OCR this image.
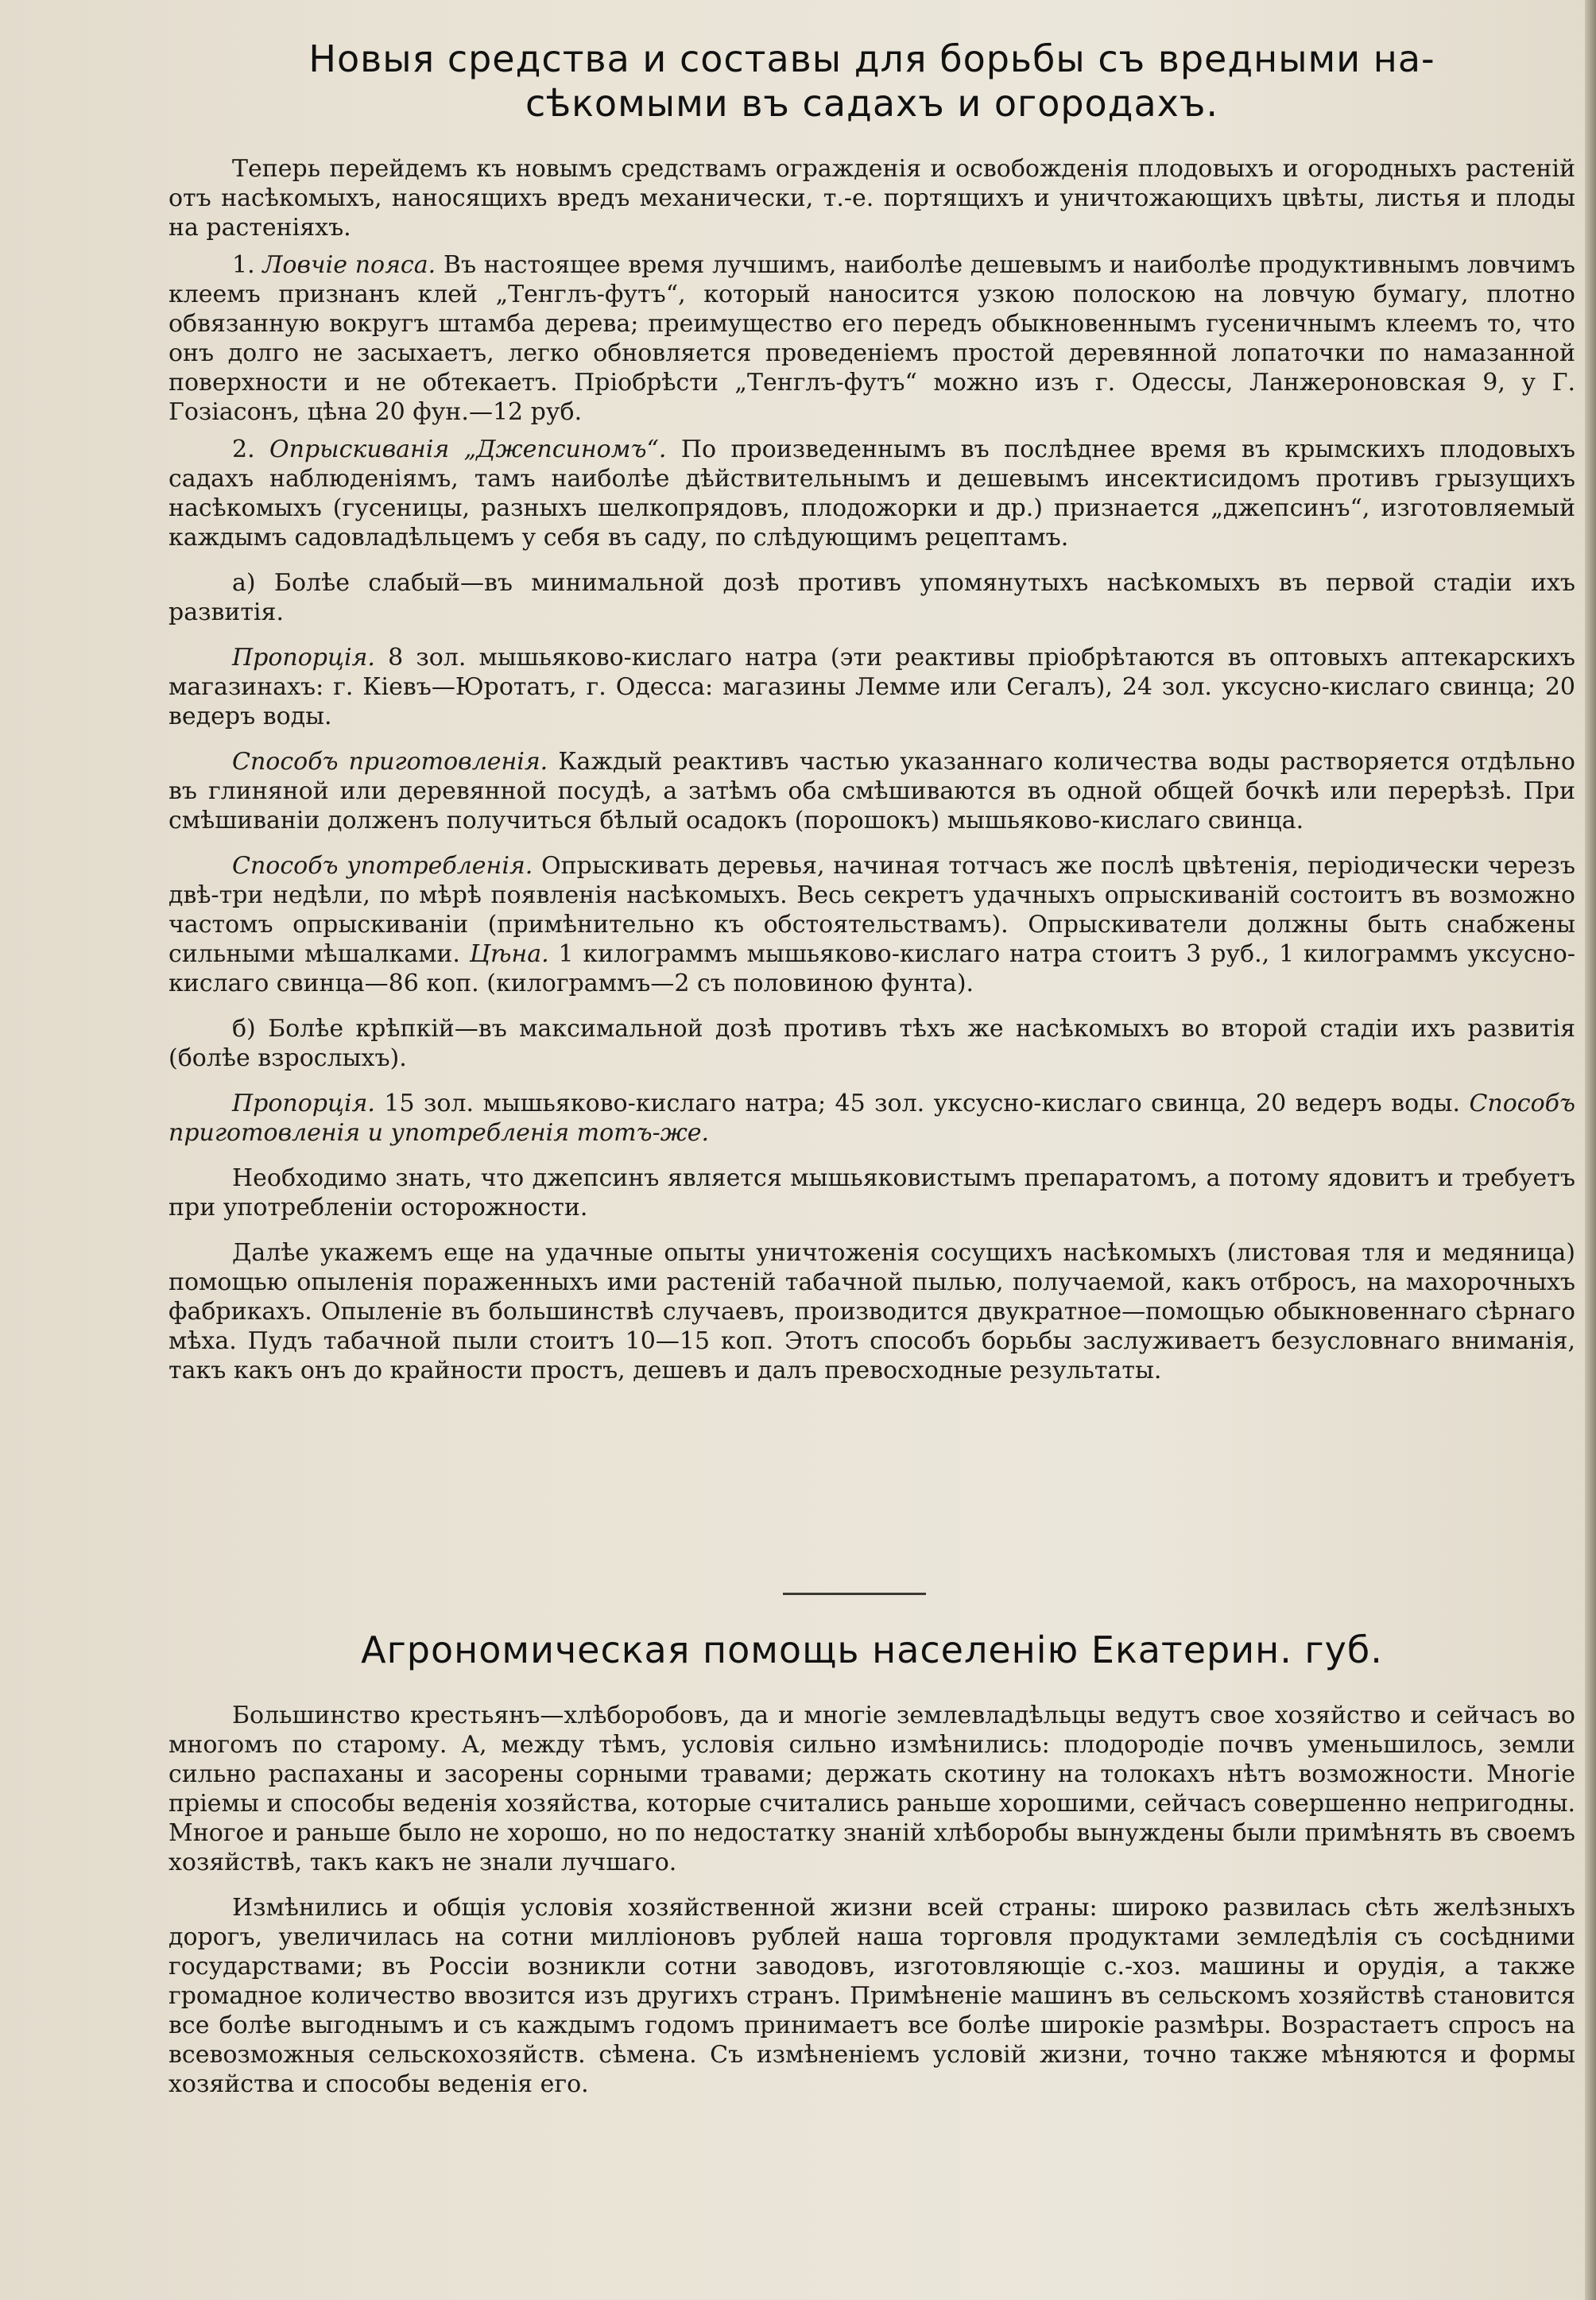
Новыя средства и составы для борьбы съ вредными на-
сѣкомыми въ садахъ и огородахъ.

Теперь перейдемъ къ новымъ средствамъ огражденія и освобожденія плодовыхъ и огородныхъ растеній отъ насѣкомыхъ, наносящихъ вредъ механически, т.-е. портящихъ и уничтожающихъ цвѣты, листья и плоды на растеніяхъ.

1. Ловчіе пояса. Въ настоящее время лучшимъ, наиболѣе дешевымъ и наиболѣе продуктивнымъ ловчимъ клеемъ признанъ клей „Тенглъ-футъ“, который наносится узкою полоскою на ловчую бумагу, плотно обвязанную вокругъ штамба дерева; преимущество его передъ обыкновеннымъ гусеничнымъ клеемъ то, что онъ долго не засыхаетъ, легко обновляется проведеніемъ простой деревянной лопаточки по намазанной поверхности и не обтекаетъ. Пріобрѣсти „Тенглъ-футъ“ можно изъ г. Одессы, Ланжероновская 9, у Г. Гозіасонъ, цѣна 20 фун.—12 руб.

2. Опрыскиванія „Джепсиномъ“. По произведеннымъ въ послѣднее время въ крымскихъ плодовыхъ садахъ наблюденіямъ, тамъ наиболѣе дѣйствительнымъ и дешевымъ инсектисидомъ противъ грызущихъ насѣкомыхъ (гусеницы, разныхъ шелкопрядовъ, плодожорки и др.) признается „джепсинъ“, изготовляемый каждымъ садовладѣльцемъ у себя въ саду, по слѣдующимъ рецептамъ.

а) Болѣе слабый—въ минимальной дозѣ противъ упомянутыхъ насѣкомыхъ въ первой стадіи ихъ развитія.

Пропорція. 8 зол. мышьяково-кислаго натра (эти реактивы пріобрѣтаются въ оптовыхъ аптекарскихъ магазинахъ: г. Кіевъ—Юротатъ, г. Одесса: магазины Лемме или Сегалъ), 24 зол. уксусно-кислаго свинца; 20 ведеръ воды.

Способъ приготовленія. Каждый реактивъ частью указаннаго количества воды растворяется отдѣльно въ глиняной или деревянной посудѣ, а затѣмъ оба смѣшиваются въ одной общей бочкѣ или перерѣзѣ. При смѣшиваніи долженъ получиться бѣлый осадокъ (порошокъ) мышьяково-кислаго свинца.

Способъ употребленія. Опрыскивать деревья, начиная тотчасъ же послѣ цвѣтенія, періодически черезъ двѣ-три недѣли, по мѣрѣ появленія насѣкомыхъ. Весь секретъ удачныхъ опрыскиваній состоитъ въ возможно частомъ опрыскиваніи (примѣнительно къ обстоятельствамъ). Опрыскиватели должны быть снабжены сильными мѣшалками. Цѣна. 1 килограммъ мышьяково-кислаго натра стоитъ 3 руб., 1 килограммъ уксусно-кислаго свинца—86 коп. (килограммъ—2 съ половиною фунта).

б) Болѣе крѣпкій—въ максимальной дозѣ противъ тѣхъ же насѣкомыхъ во второй стадіи ихъ развитія (болѣе взрослыхъ).

Пропорція. 15 зол. мышьяково-кислаго натра; 45 зол. уксусно-кислаго свинца, 20 ведеръ воды. Способъ приготовленія и употребленія тотъ-же.

Необходимо знать, что джепсинъ является мышьяковистымъ препаратомъ, а потому ядовитъ и требуетъ при употребленіи осторожности.

Далѣе укажемъ еще на удачные опыты уничтоженія сосущихъ насѣкомыхъ (листовая тля и медяница) помощью опыленія пораженныхъ ими растеній табачной пылью, получаемой, какъ отбросъ, на махорочныхъ фабрикахъ. Опыленіе въ большинствѣ случаевъ, производится двукратное—помощью обыкновеннаго сѣрнаго мѣха. Пудъ табачной пыли стоитъ 10—15 коп. Этотъ способъ борьбы заслуживаетъ безусловнаго вниманія, такъ какъ онъ до крайности простъ, дешевъ и далъ превосходные результаты.

Агрономическая помощь населенію Екатерин. губ.

Большинство крестьянъ—хлѣборобовъ, да и многіе землевладѣльцы ведутъ свое хозяйство и сейчасъ во многомъ по старому. А, между тѣмъ, условія сильно измѣнились: плодородіе почвъ уменьшилось, земли сильно распаханы и засорены сорными травами; держать скотину на толокахъ нѣтъ возможности. Многіе пріемы и способы веденія хозяйства, которые считались раньше хорошими, сейчасъ совершенно непригодны. Многое и раньше было не хорошо, но по недостатку знаній хлѣборобы вынуждены были примѣнять въ своемъ хозяйствѣ, такъ какъ не знали лучшаго.

Измѣнились и общія условія хозяйственной жизни всей страны: широко развилась сѣть желѣзныхъ дорогъ, увеличилась на сотни милліоновъ рублей наша торговля продуктами земледѣлія съ сосѣдними государствами; въ Россіи возникли сотни заводовъ, изготовляющіе с.-хоз. машины и орудія, а также громадное количество ввозится изъ другихъ странъ. Примѣненіе машинъ въ сельскомъ хозяйствѣ становится все болѣе выгоднымъ и съ каждымъ годомъ принимаетъ все болѣе широкіе размѣры. Возрастаетъ спросъ на всевозможныя сельскохозяйств. сѣмена. Съ измѣненіемъ условій жизни, точно также мѣняются и формы хозяйства и способы веденія его.
